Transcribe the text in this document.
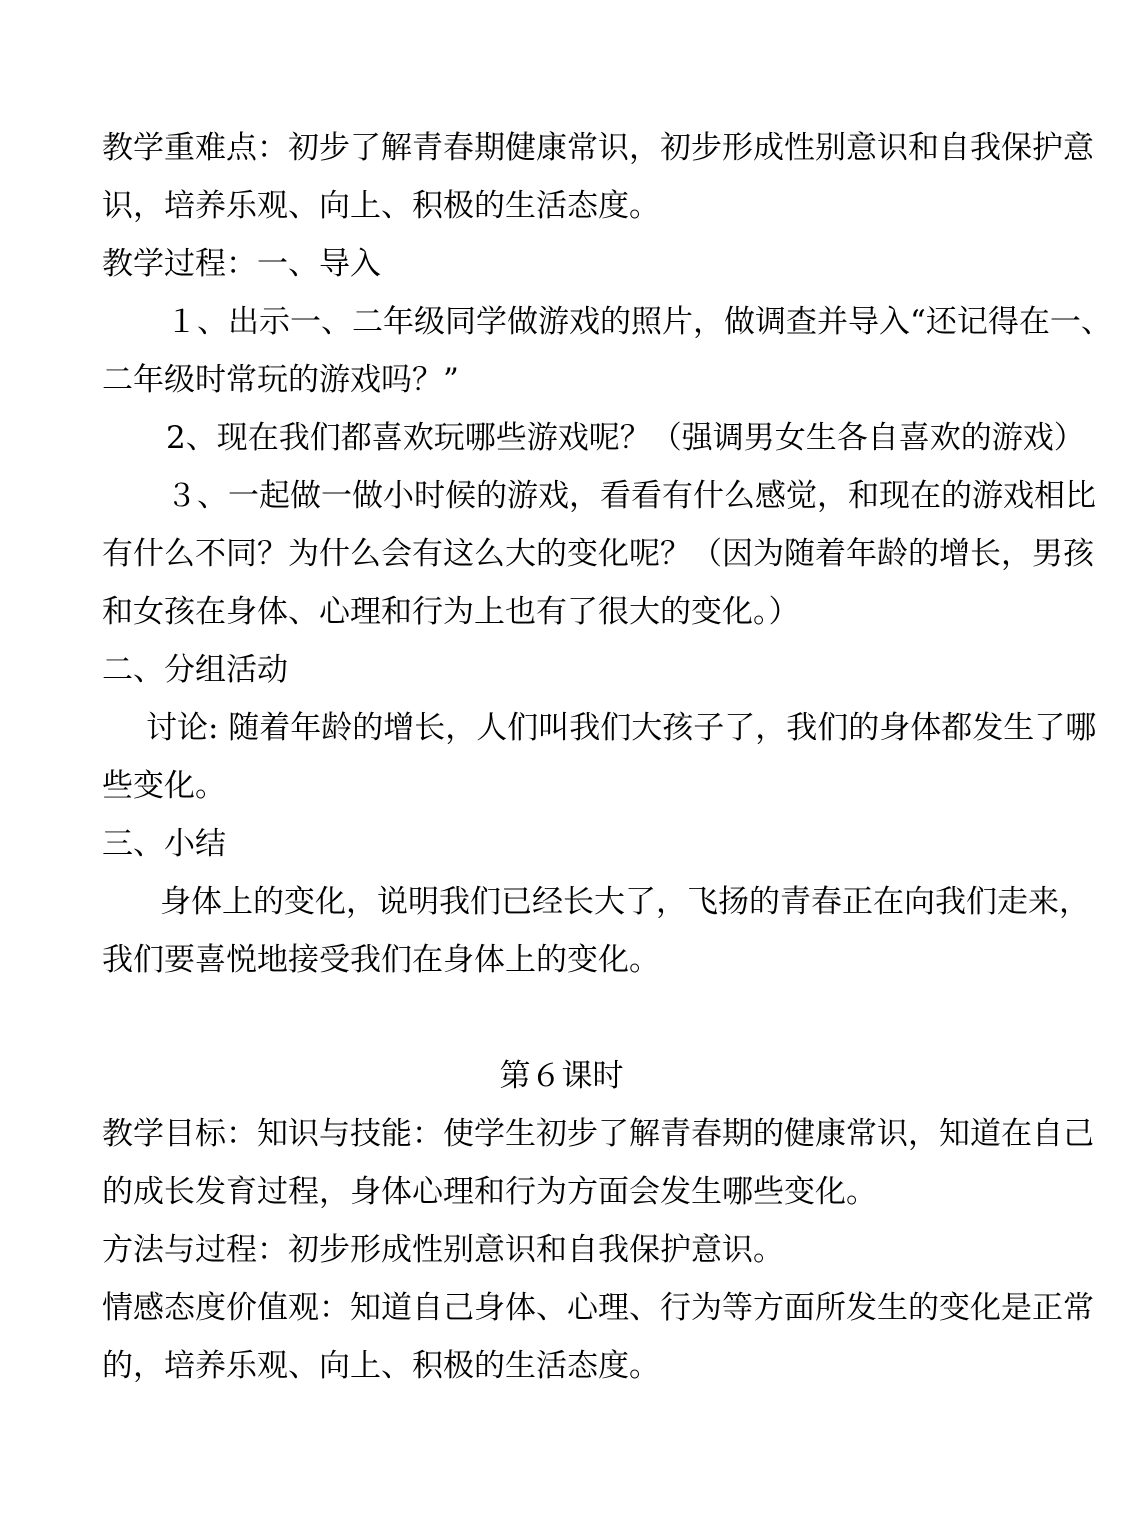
教学重难点：初步了解青春期健康常识，初步形成性别意识和自我保护意
识，培养乐观、向上、积极的生活态度。
教学过程：一、导入
１、出示一、二年级同学做游戏的照片，做调查并导入“还记得在一、
二年级时常玩的游戏吗？”
2、现在我们都喜欢玩哪些游戏呢？（强调男女生各自喜欢的游戏）
３、一起做一做小时候的游戏，看看有什么感觉，和现在的游戏相比
有什么不同？为什么会有这么大的变化呢？（因为随着年龄的增长，男孩
和女孩在身体、心理和行为上也有了很大的变化。）
二、分组活动
讨论: 随着年龄的增长，人们叫我们大孩子了，我们的身体都发生了哪
些变化。
三、小结
身体上的变化，说明我们已经长大了，飞扬的青春正在向我们走来，
我们要喜悦地接受我们在身体上的变化。
第６课时
教学目标：知识与技能：使学生初步了解青春期的健康常识，知道在自己
的成长发育过程，身体心理和行为方面会发生哪些变化。
方法与过程：初步形成性别意识和自我保护意识。
情感态度价值观：知道自己身体、心理、行为等方面所发生的变化是正常
的，培养乐观、向上、积极的生活态度。
